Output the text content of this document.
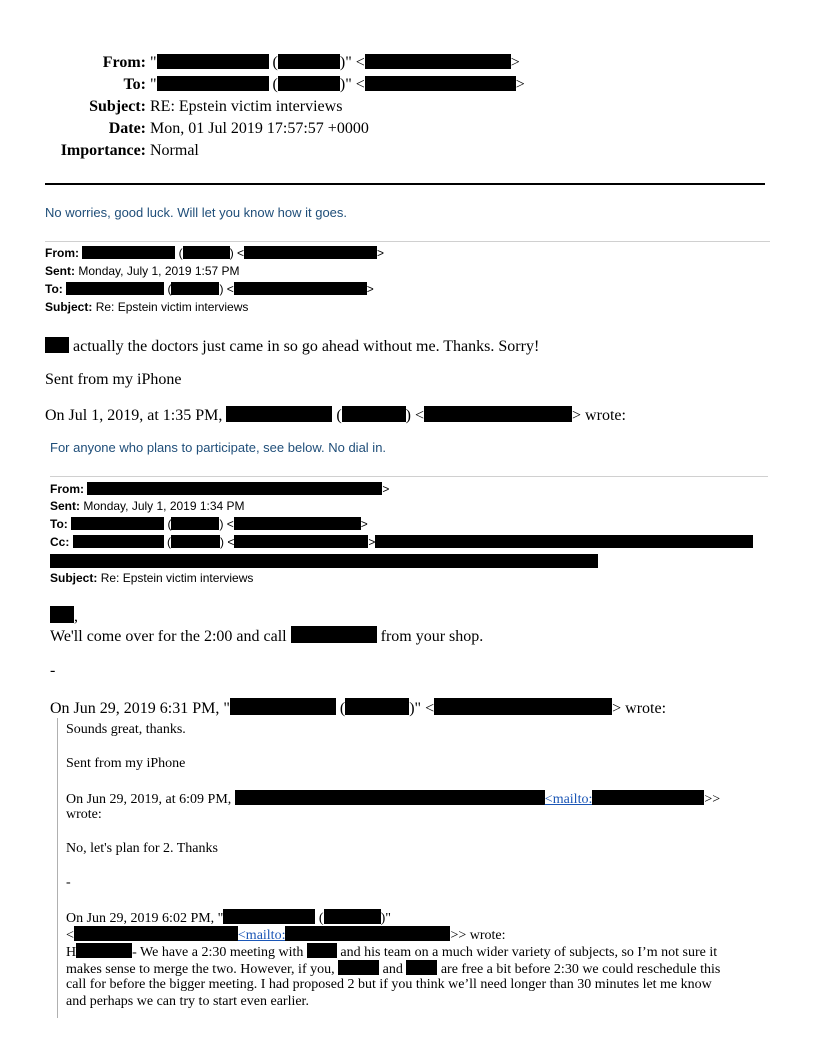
From: "	(	)" <	>
To: "	(	)" <	>
Subject: RE: Epstein victim interviews
Date: Mon, 01 Jul 2019 17:57:57 +0000
Importance: Normal
No worries, good luck. Will let you know how it goes.
From:	(	) <	>
Sent: Monday, July 1, 2019 1:57 PM
To:	(	) <	>
Subject: Re: Epstein victim interviews
actually the doctors just came in so go ahead without me. Thanks. Sorry!
Sent from my iPhone
On Jul 1, 2019, at 1:35 PM,	(	) <	> wrote:
For anyone who plans to participate, see below. No dial in.
From:	>
Sent: Monday, July 1, 2019 1:34 PM
To:	(	) <	>
Cc:	(	) <	>
Subject: Re: Epstein victim interviews
,
We'll come over for the 2:00 and call	from your shop.
-
On Jun 29, 2019 6:31 PM, "	(	)" <	> wrote:
Sounds great, thanks.
Sent from my iPhone
On Jun 29, 2019, at 6:09 PM,	<mailto:	>>
wrote:
No, let's plan for 2. Thanks
-
On Jun 29, 2019 6:02 PM, "	(	)"
<	<mailto:	>> wrote:
H	- We have a 2:30 meeting with	and his team on a much wider variety of subjects, so I’m not sure it
makes sense to merge the two. However, if you,	and	are free a bit before 2:30 we could reschedule this
call for before the bigger meeting. I had proposed 2 but if you think we’ll need longer than 30 minutes let me know
and perhaps we can try to start even earlier.
